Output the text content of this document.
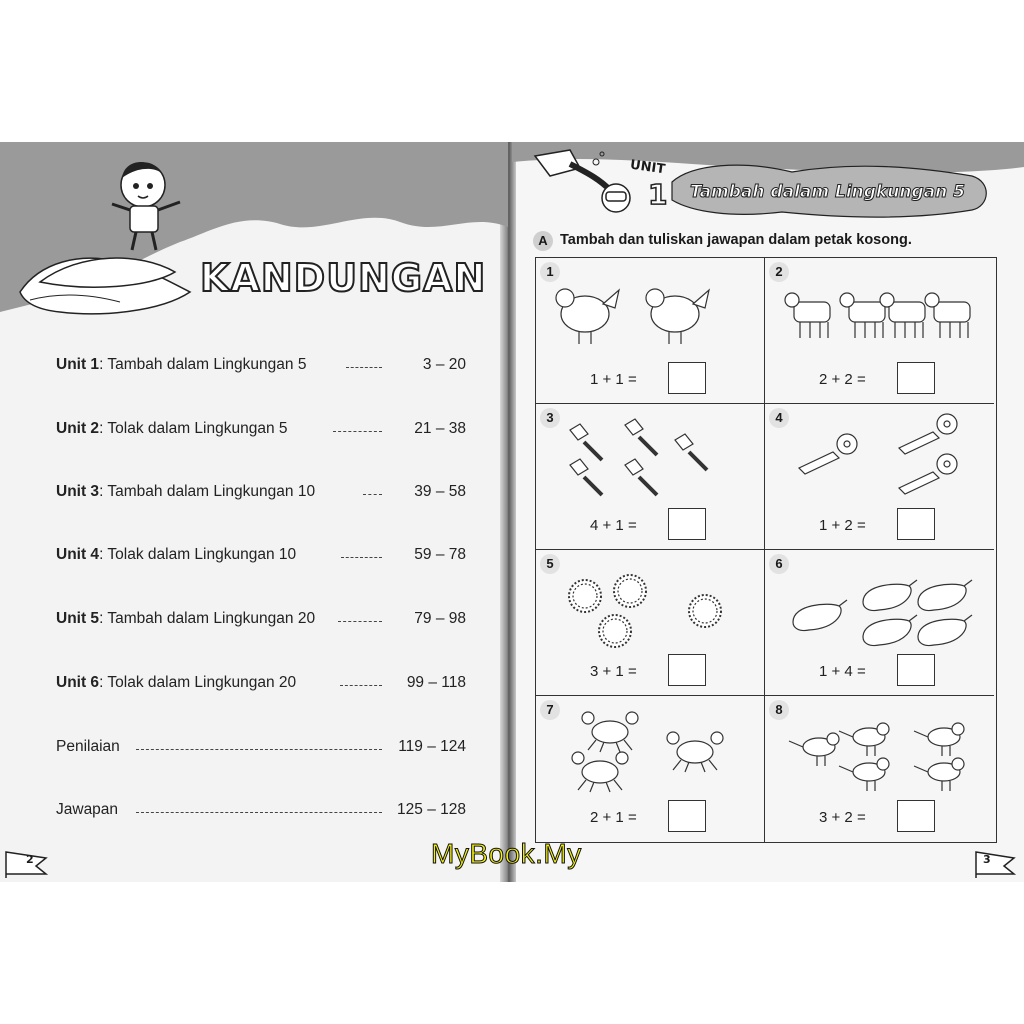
KANDUNGAN
Unit 1: Tambah dalam Lingkungan 5	3 – 20
Unit 2: Tolak dalam Lingkungan 5	21 – 38
Unit 3: Tambah dalam Lingkungan 10	39 – 58
Unit 4: Tolak dalam Lingkungan 10	59 – 78
Unit 5: Tambah dalam Lingkungan 20	79 – 98
Unit 6: Tolak dalam Lingkungan 20	99 – 118
Penilaian	119 – 124
Jawapan	125 – 128
2
UNIT
1 Tambah dalam Lingkungan 5
A Tambah dan tuliskan jawapan dalam petak kosong.
1
1 + 1 =
2
2 + 2 =
3
4 + 1 =
4
1 + 2 =
5
3 + 1 =
6
1 + 4 =
7
2 + 1 =
8
3 + 2 =
3
MyBook.My
